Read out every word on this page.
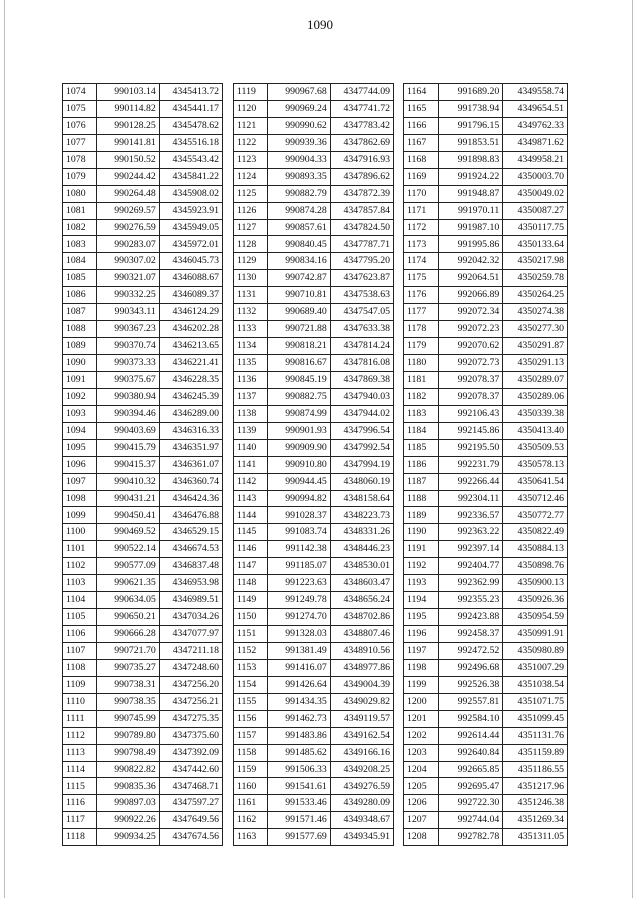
1090
1074	990103.14	4345413.72
1075	990114.82	4345441.17
1076	990128.25	4345478.62
1077	990141.81	4345516.18
1078	990150.52	4345543.42
1079	990244.42	4345841.22
1080	990264.48	4345908.02
1081	990269.57	4345923.91
1082	990276.59	4345949.05
1083	990283.07	4345972.01
1084	990307.02	4346045.73
1085	990321.07	4346088.67
1086	990332.25	4346089.37
1087	990343.11	4346124.29
1088	990367.23	4346202.28
1089	990370.74	4346213.65
1090	990373.33	4346221.41
1091	990375.67	4346228.35
1092	990380.94	4346245.39
1093	990394.46	4346289.00
1094	990403.69	4346316.33
1095	990415.79	4346351.97
1096	990415.37	4346361.07
1097	990410.32	4346360.74
1098	990431.21	4346424.36
1099	990450.41	4346476.88
1100	990469.52	4346529.15
1101	990522.14	4346674.53
1102	990577.09	4346837.48
1103	990621.35	4346953.98
1104	990634.05	4346989.51
1105	990650.21	4347034.26
1106	990666.28	4347077.97
1107	990721.70	4347211.18
1108	990735.27	4347248.60
1109	990738.31	4347256.20
1110	990738.35	4347256.21
1111	990745.99	4347275.35
1112	990789.80	4347375.60
1113	990798.49	4347392.09
1114	990822.82	4347442.60
1115	990835.36	4347468.71
1116	990897.03	4347597.27
1117	990922.26	4347649.56
1118	990934.25	4347674.56
1119	990967.68	4347744.09
1120	990969.24	4347741.72
1121	990990.62	4347783.42
1122	990939.36	4347862.69
1123	990904.33	4347916.93
1124	990893.35	4347896.62
1125	990882.79	4347872.39
1126	990874.28	4347857.84
1127	990857.61	4347824.50
1128	990840.45	4347787.71
1129	990834.16	4347795.20
1130	990742.87	4347623.87
1131	990710.81	4347538.63
1132	990689.40	4347547.05
1133	990721.88	4347633.38
1134	990818.21	4347814.24
1135	990816.67	4347816.08
1136	990845.19	4347869.38
1137	990882.75	4347940.03
1138	990874.99	4347944.02
1139	990901.93	4347996.54
1140	990909.90	4347992.54
1141	990910.80	4347994.19
1142	990944.45	4348060.19
1143	990994.82	4348158.64
1144	991028.37	4348223.73
1145	991083.74	4348331.26
1146	991142.38	4348446.23
1147	991185.07	4348530.01
1148	991223.63	4348603.47
1149	991249.78	4348656.24
1150	991274.70	4348702.86
1151	991328.03	4348807.46
1152	991381.49	4348910.56
1153	991416.07	4348977.86
1154	991426.64	4349004.39
1155	991434.35	4349029.82
1156	991462.73	4349119.57
1157	991483.86	4349162.54
1158	991485.62	4349166.16
1159	991506.33	4349208.25
1160	991541.61	4349276.59
1161	991533.46	4349280.09
1162	991571.46	4349348.67
1163	991577.69	4349345.91
1164	991689.20	4349558.74
1165	991738.94	4349654.51
1166	991796.15	4349762.33
1167	991853.51	4349871.62
1168	991898.83	4349958.21
1169	991924.22	4350003.70
1170	991948.87	4350049.02
1171	991970.11	4350087.27
1172	991987.10	4350117.75
1173	991995.86	4350133.64
1174	992042.32	4350217.98
1175	992064.51	4350259.78
1176	992066.89	4350264.25
1177	992072.34	4350274.38
1178	992072.23	4350277.30
1179	992070.62	4350291.87
1180	992072.73	4350291.13
1181	992078.37	4350289.07
1182	992078.37	4350289.06
1183	992106.43	4350339.38
1184	992145.86	4350413.40
1185	992195.50	4350509.53
1186	992231.79	4350578.13
1187	992266.44	4350641.54
1188	992304.11	4350712.46
1189	992336.57	4350772.77
1190	992363.22	4350822.49
1191	992397.14	4350884.13
1192	992404.77	4350898.76
1193	992362.99	4350900.13
1194	992355.23	4350926.36
1195	992423.88	4350954.59
1196	992458.37	4350991.91
1197	992472.52	4350980.89
1198	992496.68	4351007.29
1199	992526.38	4351038.54
1200	992557.81	4351071.75
1201	992584.10	4351099.45
1202	992614.44	4351131.76
1203	992640.84	4351159.89
1204	992665.85	4351186.55
1205	992695.47	4351217.96
1206	992722.30	4351246.38
1207	992744.04	4351269.34
1208	992782.78	4351311.05
